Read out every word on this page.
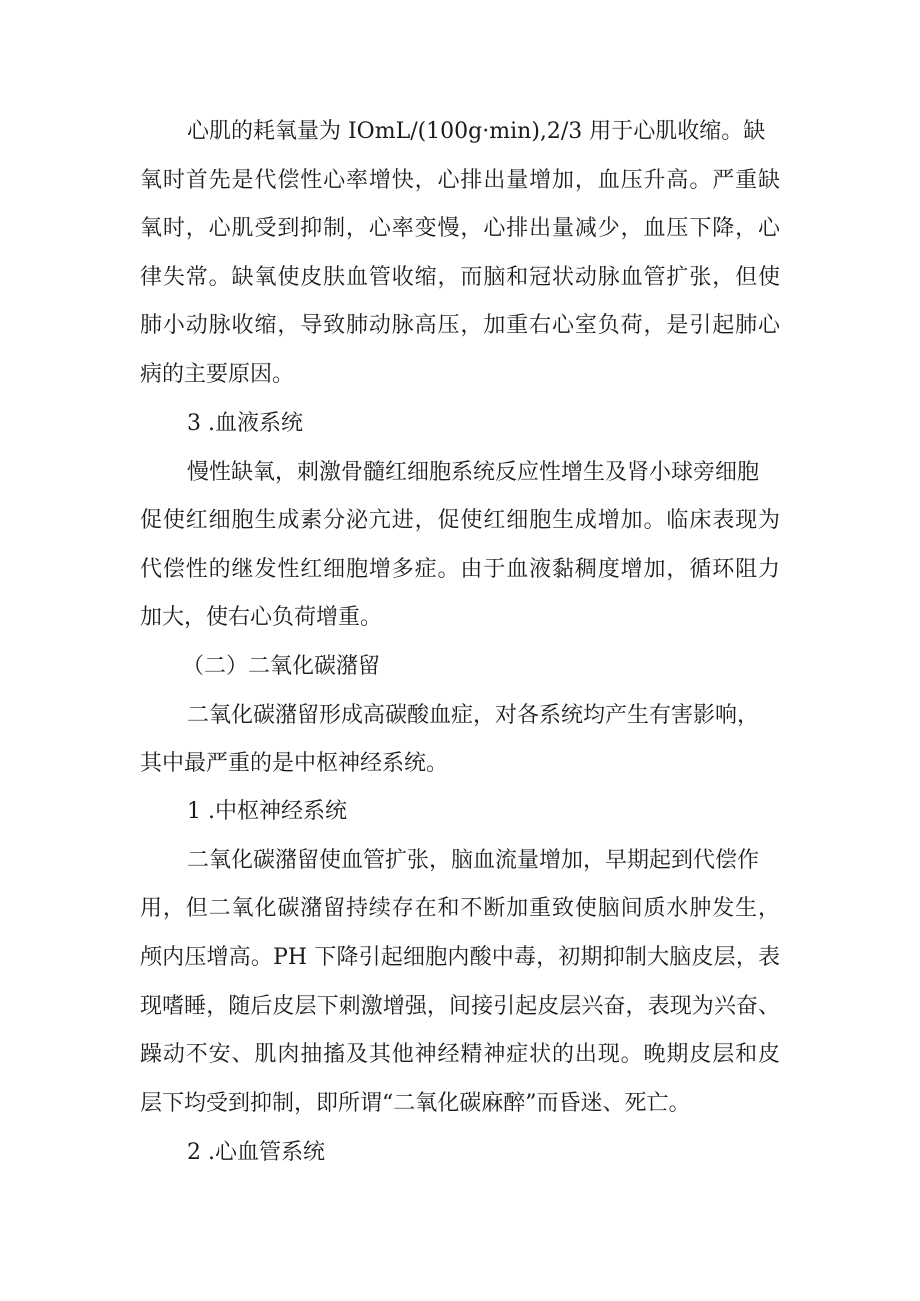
心肌的耗氧量为 IOmL/(100g·min),2/3 用于心肌收缩。缺

氧时首先是代偿性心率增快，心排出量增加，血压升高。严重缺

氧时，心肌受到抑制，心率变慢，心排出量减少，血压下降，心

律失常。缺氧使皮肤血管收缩，而脑和冠状动脉血管扩张，但使

肺小动脉收缩，导致肺动脉高压，加重右心室负荷，是引起肺心

病的主要原因。

3 .血液系统

慢性缺氧，刺激骨髓红细胞系统反应性增生及肾小球旁细胞

促使红细胞生成素分泌亢进，促使红细胞生成增加。临床表现为

代偿性的继发性红细胞增多症。由于血液黏稠度增加，循环阻力

加大，使右心负荷增重。

（二）二氧化碳潴留

二氧化碳潴留形成高碳酸血症，对各系统均产生有害影响，

其中最严重的是中枢神经系统。

1 .中枢神经系统

二氧化碳潴留使血管扩张，脑血流量增加，早期起到代偿作

用，但二氧化碳潴留持续存在和不断加重致使脑间质水肿发生，

颅内压增高。PH 下降引起细胞内酸中毒，初期抑制大脑皮层，表

现嗜睡，随后皮层下刺激增强，间接引起皮层兴奋，表现为兴奋、

躁动不安、肌肉抽搐及其他神经精神症状的出现。晚期皮层和皮

层下均受到抑制，即所谓“二氧化碳麻醉”而昏迷、死亡。

2 .心血管系统
